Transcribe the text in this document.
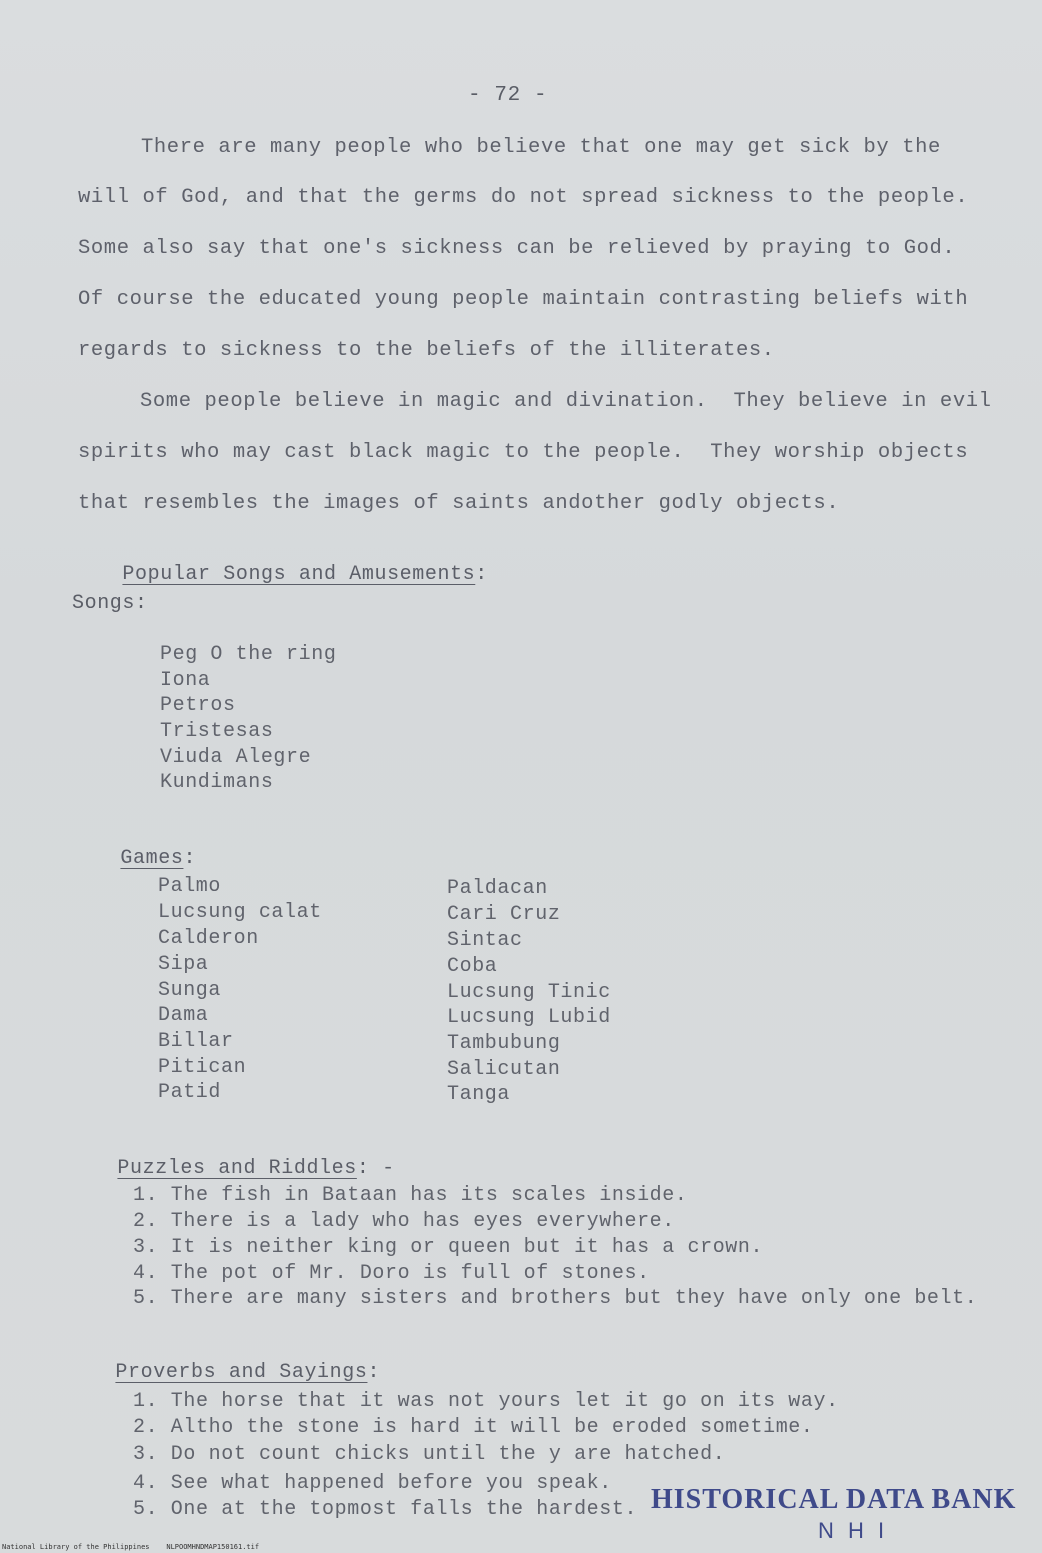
- 72 -
There are many people who believe that one may get sick by the
will of God, and that the germs do not spread sickness to the people.
Some also say that one's sickness can be relieved by praying to God.
Of course the educated young people maintain contrasting beliefs with
regards to sickness to the beliefs of the illiterates.
Some people believe in magic and divination.  They believe in evil
spirits who may cast black magic to the people.  They worship objects
that resembles the images of saints andother godly objects.

Popular Songs and Amusements:

Songs:
Peg O the ring
Iona
Petros
Tristesas
Viuda Alegre
Kundimans

Games:

Palmo
Lucsung calat
Calderon
Sipa
Sunga
Dama
Billar
Pitican
Patid
Paldacan
Cari Cruz
Sintac
Coba
Lucsung Tinic
Lucsung Lubid
Tambubung
Salicutan
Tanga

Puzzles and Riddles: -

1. The fish in Bataan has its scales inside.
2. There is a lady who has eyes everywhere.
3. It is neither king or queen but it has a crown.
4. The pot of Mr. Doro is full of stones.
5. There are many sisters and brothers but they have only one belt.

Proverbs and Sayings:

1. The horse that it was not yours let it go on its way.
2. Altho the stone is hard it will be eroded sometime.
3. Do not count chicks until the y are hatched.
4. See what happened before you speak.
5. One at the topmost falls the hardest. HISTORICAL DATA BANK
N H I
National Library of the Philippines    NLPOOMHNDMAP150161.tif
